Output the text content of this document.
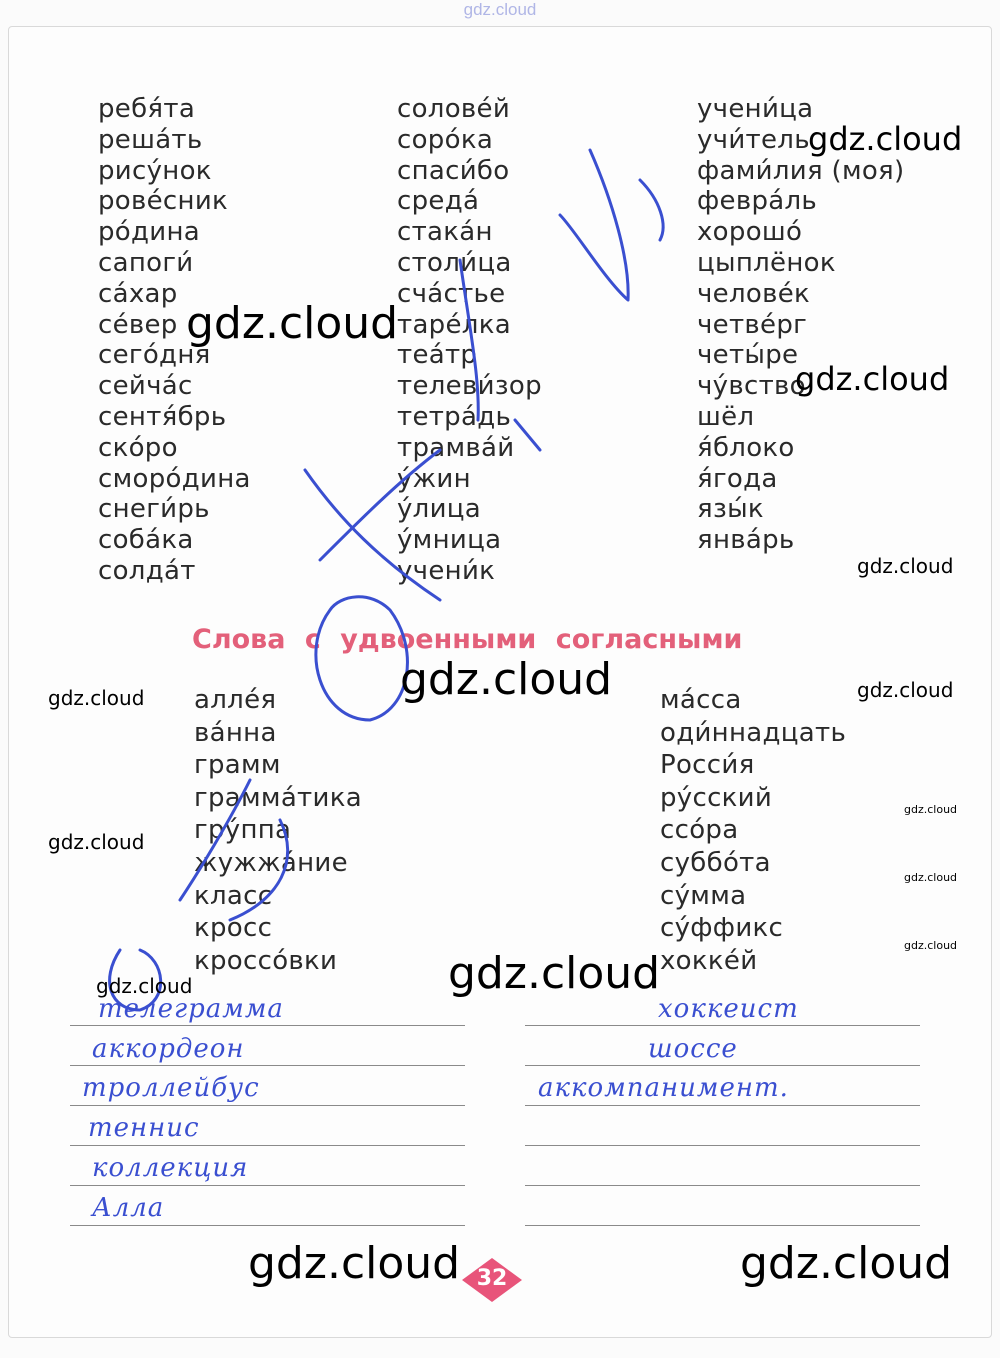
gdz.cloud
ребя́та
реша́ть
рису́нок
рове́сник
ро́дина
сапоги́
са́хар
се́вер
сего́дня
сейча́с
сентя́брь
ско́ро
сморо́дина
снеги́рь
соба́ка
солда́т
солове́й
соро́ка
спаси́бо
среда́
стака́н
столи́ца
сча́стье
таре́лка
теа́тр
телеви́зор
тетра́дь
трамва́й
у́жин
у́лица
у́мница
учени́к
учени́ца
учи́тель
фами́лия (моя)
февра́ль
хорошо́
цыплёнок
челове́к
четве́рг
четы́ре
чу́вство
шёл
я́блоко
я́года
язы́к
янва́рь
Слова с удвоенными согласными
алле́я
ва́нна
грамм
грамма́тика
гру́ппа
жужжа́ние
класс
кросс
кроссо́вки
ма́сса
оди́ннадцать
Росси́я
ру́сский
ссо́ра
суббо́та
су́мма
су́ффикс
хокке́й
телеграмма
аккордеон
троллейбус
теннис
коллекция
Алла
хоккеист
шоссе
аккомпанимент.
gdz.cloud
gdz.cloud
gdz.cloud
gdz.cloud
gdz.cloud
gdz.cloud	gdz.cloud
gdz.cloud
gdz.cloud
gdz.cloud
gdz.cloud
gdz.cloud
gdz.cloud
gdz.cloud	gdz.cloud
32
